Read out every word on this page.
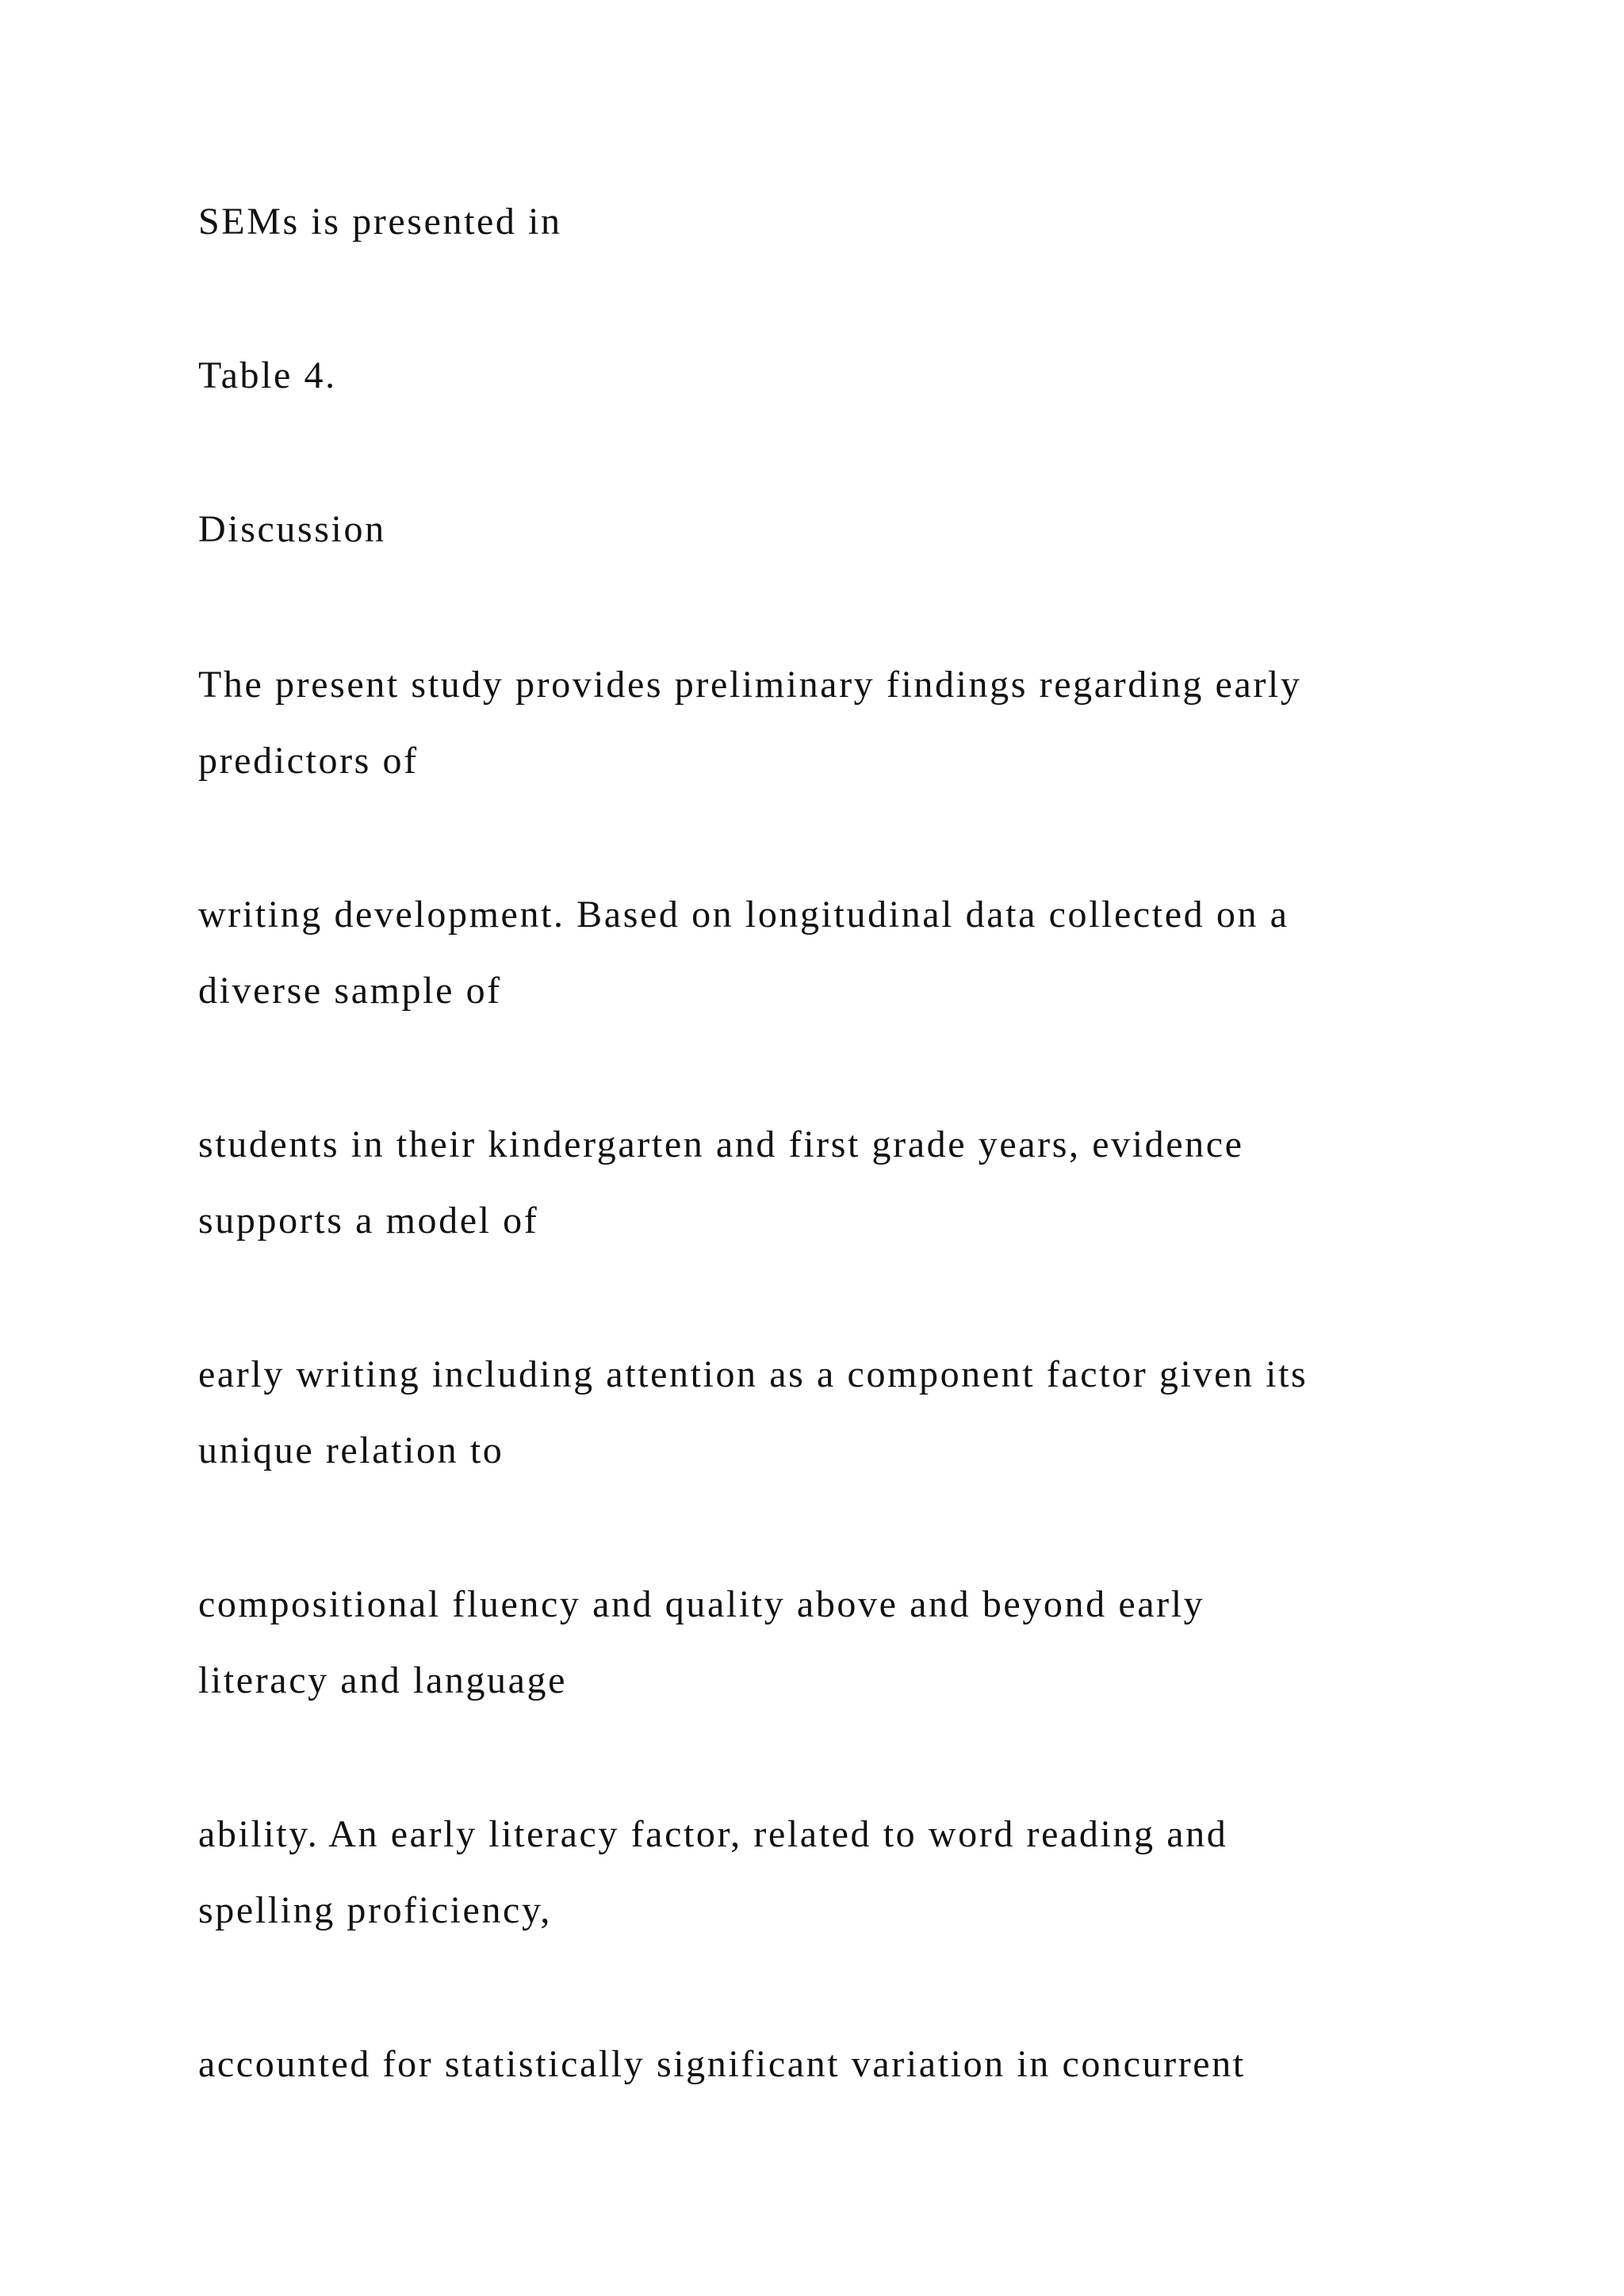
SEMs is presented in

Table 4.

Discussion

The present study provides preliminary findings regarding early

predictors of

writing development. Based on longitudinal data collected on a

diverse sample of

students in their kindergarten and first grade years, evidence

supports a model of

early writing including attention as a component factor given its

unique relation to

compositional fluency and quality above and beyond early

literacy and language

ability. An early literacy factor, related to word reading and

spelling proficiency,

accounted for statistically significant variation in concurrent
